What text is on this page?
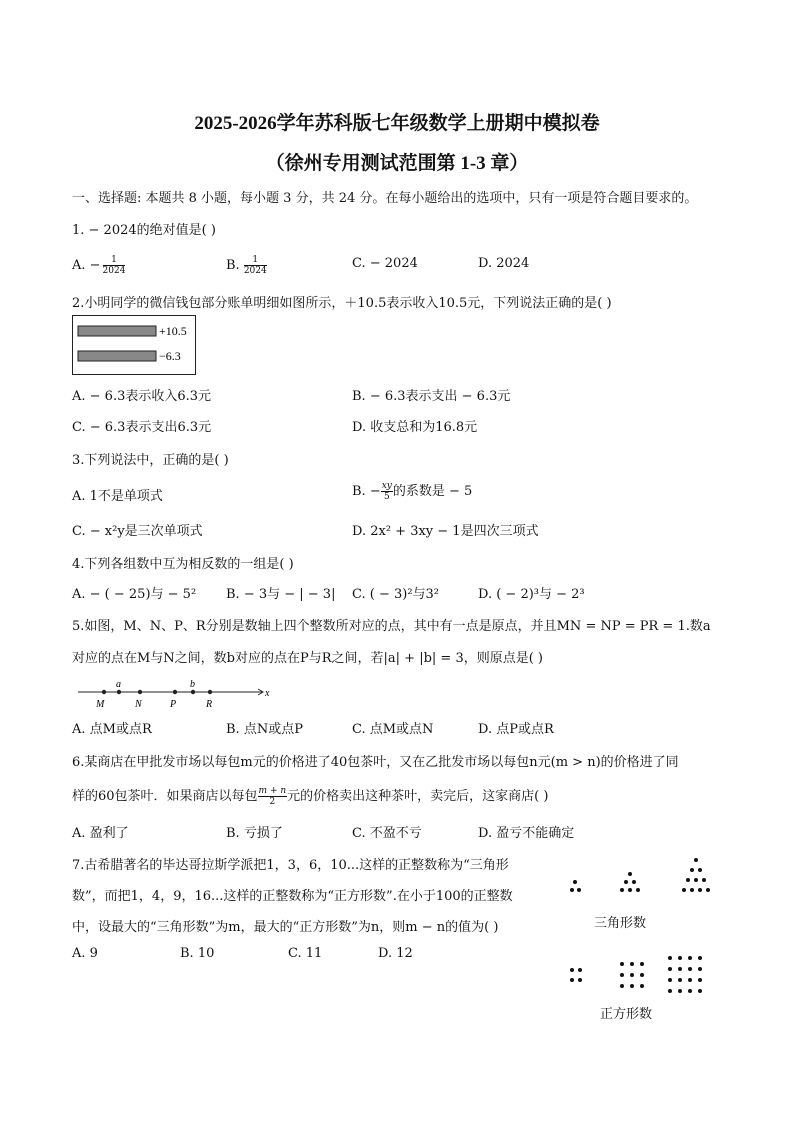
2025-2026学年苏科版七年级数学上册期中模拟卷
（徐州专用测试范围第 1-3 章）
一、选择题: 本题共 8 小题，每小题 3 分，共 24 分。在每小题给出的选项中，只有一项是符合题目要求的。
1. − 2024的绝对值是( )
A. − $\frac{1}{2024}$	B. $\frac{1}{2024}$	C. − 2024	D. 2024
2.小明同学的微信钱包部分账单明细如图所示，＋10.5表示收入10.5元，下列说法正确的是( )
+10.5
−6.3
A. − 6.3表示收入6.3元	B. − 6.3表示支出 − 6.3元
C. − 6.3表示支出6.3元	D. 收支总和为16.8元
3.下列说法中，正确的是( )
A. 1不是单项式	B. − $\frac{xy}{5}$ 的系数是 − 5
C. − x²y是三次单项式	D. 2x² + 3xy − 1是四次三项式
4.下列各组数中互为相反数的一组是( )
A. − ( − 25)与 − 5² B. − 3与 − | − 3| C. ( − 3)²与3²	D. ( − 2)³与 − 2³
5.如图，M、N、P、R分别是数轴上四个整数所对应的点，其中有一点是原点，并且MN = NP = PR = 1.数a
对应的点在M与N之间，数b对应的点在P与R之间，若|a| + |b| = 3，则原点是( )
x
a	b
M	N	P	R
A. 点M或点R	B. 点N或点P	C. 点M或点N	D. 点P或点R
6.某商店在甲批发市场以每包m元的价格进了40包茶叶，又在乙批发市场以每包n元(m > n)的价格进了同
样的60包茶叶．如果商店以每包 $\frac{m + n}{2}$ 元的价格卖出这种茶叶，卖完后，这家商店( )
A. 盈利了	B. 亏损了	C. 不盈不亏	D. 盈亏不能确定
7.古希腊著名的毕达哥拉斯学派把1，3，6，10...这样的正整数称为“三角形
数”，而把1，4，9，16...这样的正整数称为“正方形数”.在小于100的正整数
中，设最大的“三角形数”为m，最大的“正方形数”为n，则m − n的值为( )
A. 9	B. 10	C. 11	D. 12
三角形数
正方形数
